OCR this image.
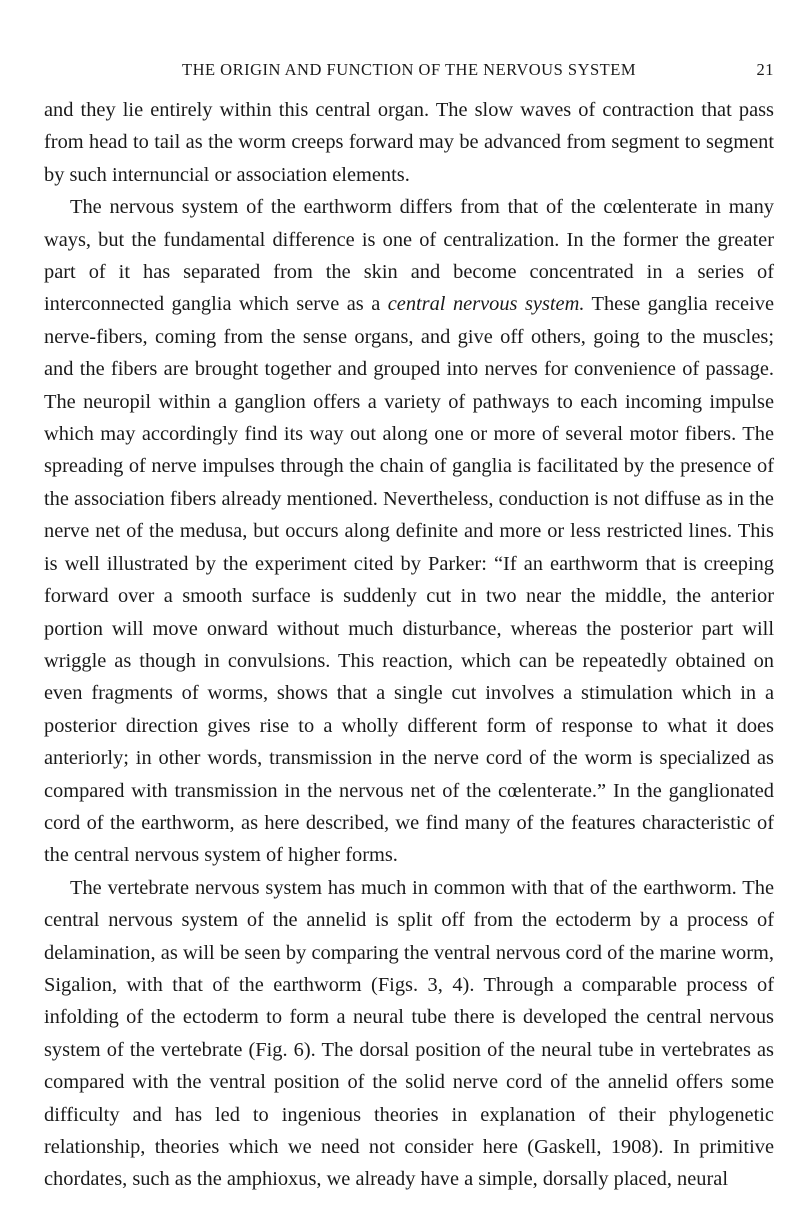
THE ORIGIN AND FUNCTION OF THE NERVOUS SYSTEM	21

and they lie entirely within this central organ. The slow waves of contraction that pass from head to tail as the worm creeps forward may be advanced from segment to segment by such internuncial or association elements.

The nervous system of the earthworm differs from that of the cœlenterate in many ways, but the fundamental difference is one of centralization. In the former the greater part of it has separated from the skin and become concentrated in a series of interconnected ganglia which serve as a central nervous system. These ganglia receive nerve-fibers, coming from the sense organs, and give off others, going to the muscles; and the fibers are brought together and grouped into nerves for convenience of passage. The neuropil within a ganglion offers a variety of pathways to each incoming impulse which may accordingly find its way out along one or more of several motor fibers. The spreading of nerve impulses through the chain of ganglia is facilitated by the presence of the association fibers already mentioned. Nevertheless, conduction is not diffuse as in the nerve net of the medusa, but occurs along definite and more or less restricted lines. This is well illustrated by the experiment cited by Parker: “If an earthworm that is creeping forward over a smooth surface is suddenly cut in two near the middle, the anterior portion will move onward without much disturbance, whereas the posterior part will wriggle as though in convulsions. This reaction, which can be repeatedly obtained on even fragments of worms, shows that a single cut involves a stimulation which in a posterior direction gives rise to a wholly different form of response to what it does anteriorly; in other words, transmission in the nerve cord of the worm is specialized as compared with transmission in the nervous net of the cœlenterate.” In the ganglionated cord of the earthworm, as here described, we find many of the features characteristic of the central nervous system of higher forms.

The vertebrate nervous system has much in common with that of the earthworm. The central nervous system of the annelid is split off from the ectoderm by a process of delamination, as will be seen by comparing the ventral nervous cord of the marine worm, Sigalion, with that of the earthworm (Figs. 3, 4). Through a comparable process of infolding of the ectoderm to form a neural tube there is developed the central nervous system of the vertebrate (Fig. 6). The dorsal position of the neural tube in vertebrates as compared with the ventral position of the solid nerve cord of the annelid offers some difficulty and has led to ingenious theories in explanation of their phylogenetic relationship, theories which we need not consider here (Gaskell, 1908). In primitive chordates, such as the amphioxus, we already have a simple, dorsally placed, neural
